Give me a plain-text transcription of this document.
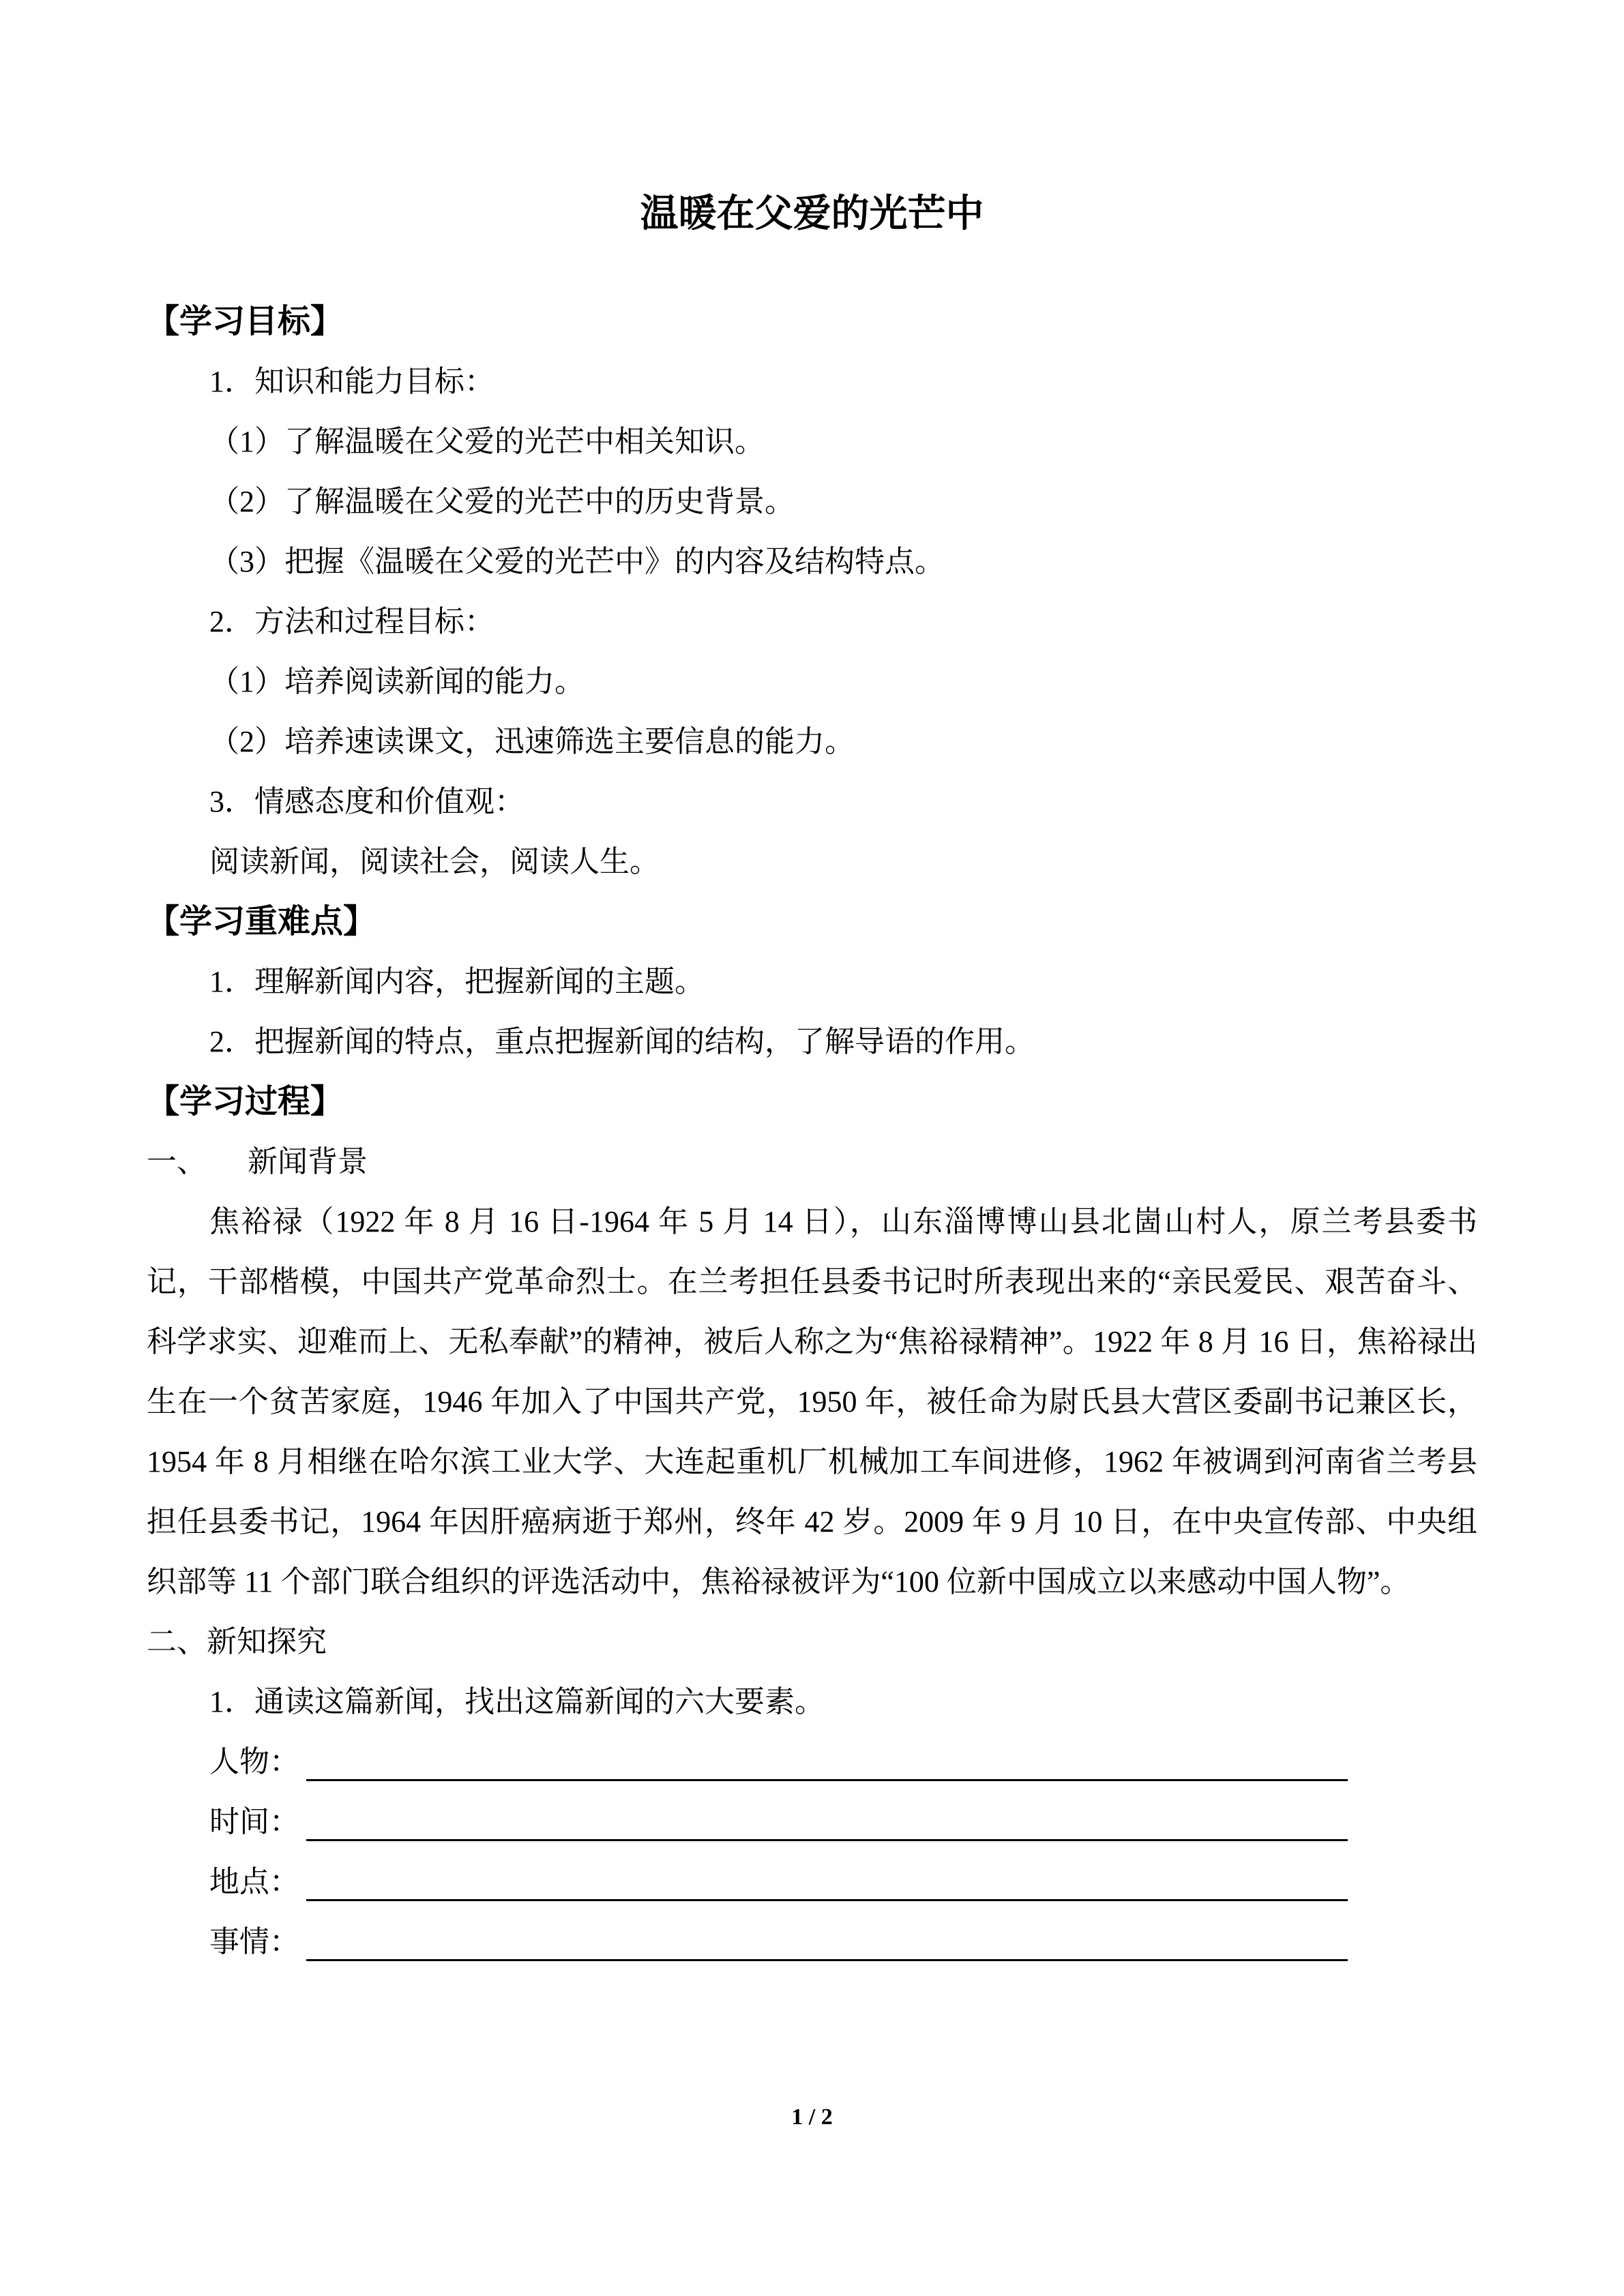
温暖在父爱的光芒中
【学习目标】
1．知识和能力目标：
（1）了解温暖在父爱的光芒中相关知识。
（2）了解温暖在父爱的光芒中的历史背景。
（3）把握《温暖在父爱的光芒中》的内容及结构特点。
2．方法和过程目标：
（1）培养阅读新闻的能力。
（2）培养速读课文，迅速筛选主要信息的能力。
3．情感态度和价值观：
阅读新闻，阅读社会，阅读人生。
【学习重难点】
1．理解新闻内容，把握新闻的主题。
2．把握新闻的特点，重点把握新闻的结构，了解导语的作用。
【学习过程】
一、 新闻背景
焦裕禄（1922 年 8 月 16 日-1964 年 5 月 14 日），山东淄博博山县北崮山村人，原兰考县委书记，干部楷模，中国共产党革命烈士。在兰考担任县委书记时所表现出来的“亲民爱民、艰苦奋斗、科学求实、迎难而上、无私奉献”的精神，被后人称之为“焦裕禄精神”。1922 年 8 月 16 日，焦裕禄出生在一个贫苦家庭，1946 年加入了中国共产党，1950 年，被任命为尉氏县大营区委副书记兼区长，1954 年 8 月相继在哈尔滨工业大学、大连起重机厂机械加工车间进修，1962 年被调到河南省兰考县担任县委书记，1964 年因肝癌病逝于郑州，终年 42 岁。2009 年 9 月 10 日，在中央宣传部、中央组织部等 11 个部门联合组织的评选活动中，焦裕禄被评为“100 位新中国成立以来感动中国人物”。
二、新知探究
1．通读这篇新闻，找出这篇新闻的六大要素。
人物：
时间：
地点：
事情：
1 / 2
